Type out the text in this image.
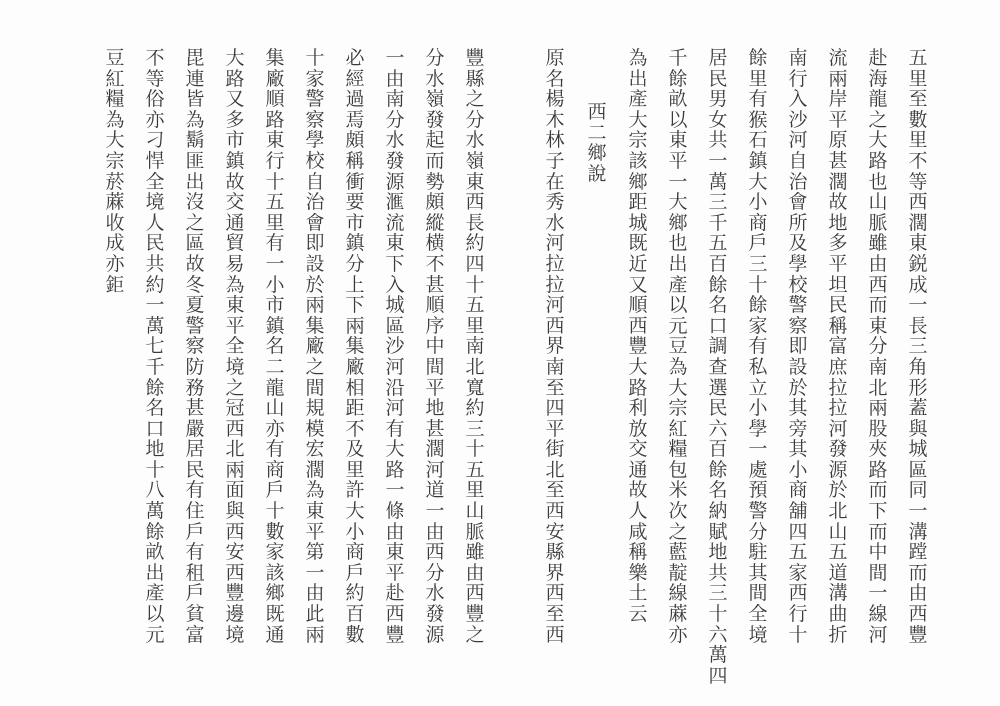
西
二
鄉
說
五
里
至
數
里
不
等
西
濶
東
鋭
成
一
長
三
角
形
蓋
與
城
區
同
一
溝
蹚
而
由
西
豐
赴
海
龍
之
大
路
也
山
脈
雖
由
西
而
東
分
南
北
兩
股
夾
路
而
下
而
中
間
一
線
河
流
兩
岸
平
原
甚
濶
故
地
多
平
坦
民
稱
富
庶
拉
拉
河
發
源
於
北
山
五
道
溝
曲
折
南
行
入
沙
河
自
治
會
所
及
學
校
警
察
即
設
於
其
旁
其
小
商
舖
四
五
家
西
行
十
餘
里
有
猴
石
鎮
大
小
商
戶
三
十
餘
家
有
私
立
小
學
一
處
預
警
分
駐
其
間
全
境
居
民
男
女
共
一
萬
三
千
五
百
餘
名
口
調
查
選
民
六
百
餘
名
納
賦
地
共
三
十
六
萬
四
千
餘
畝
以
東
平
一
大
鄉
也
出
產
以
元
豆
為
大
宗
紅
糧
包
米
次
之
藍
靛
線
蔴
亦
為
出
產
大
宗
該
鄉
距
城
既
近
又
順
西
豐
大
路
利
放
交
通
故
人
咸
稱
樂
土
云
原
名
楊
木
林
子
在
秀
水
河
拉
拉
河
西
界
南
至
四
平
街
北
至
西
安
縣
界
西
至
西
豐
縣
之
分
水
嶺
東
西
長
約
四
十
五
里
南
北
寬
約
三
十
五
里
山
脈
雖
由
西
豐
之
分
水
嶺
發
起
而
勢
頗
縱
横
不
甚
順
序
中
間
平
地
甚
濶
河
道
一
由
西
分
水
發
源
一
由
南
分
水
發
源
滙
流
東
下
入
城
區
沙
河
沿
河
有
大
路
一
條
由
東
平
赴
西
豐
必
經
過
焉
頗
稱
衝
要
市
鎮
分
上
下
兩
集
廠
相
距
不
及
里
許
大
小
商
戶
約
百
數
十
家
警
察
學
校
自
治
會
即
設
於
兩
集
廠
之
間
規
模
宏
濶
為
東
平
第
一
由
此
兩
集
廠
順
路
東
行
十
五
里
有
一
小
市
鎮
名
二
龍
山
亦
有
商
戶
十
數
家
該
鄉
既
通
大
路
又
多
市
鎮
故
交
通
貿
易
為
東
平
全
境
之
冠
西
北
兩
面
與
西
安
西
豐
邊
境
毘
連
皆
為
鬍
匪
出
沒
之
區
故
冬
夏
警
察
防
務
甚
嚴
居
民
有
住
戶
有
租
戶
貧
富
不
等
俗
亦
刁
悍
全
境
人
民
共
約
一
萬
七
千
餘
名
口
地
十
八
萬
餘
畝
出
產
以
元
豆
紅
糧
為
大
宗
菸
蔴
收
成
亦
鉅
